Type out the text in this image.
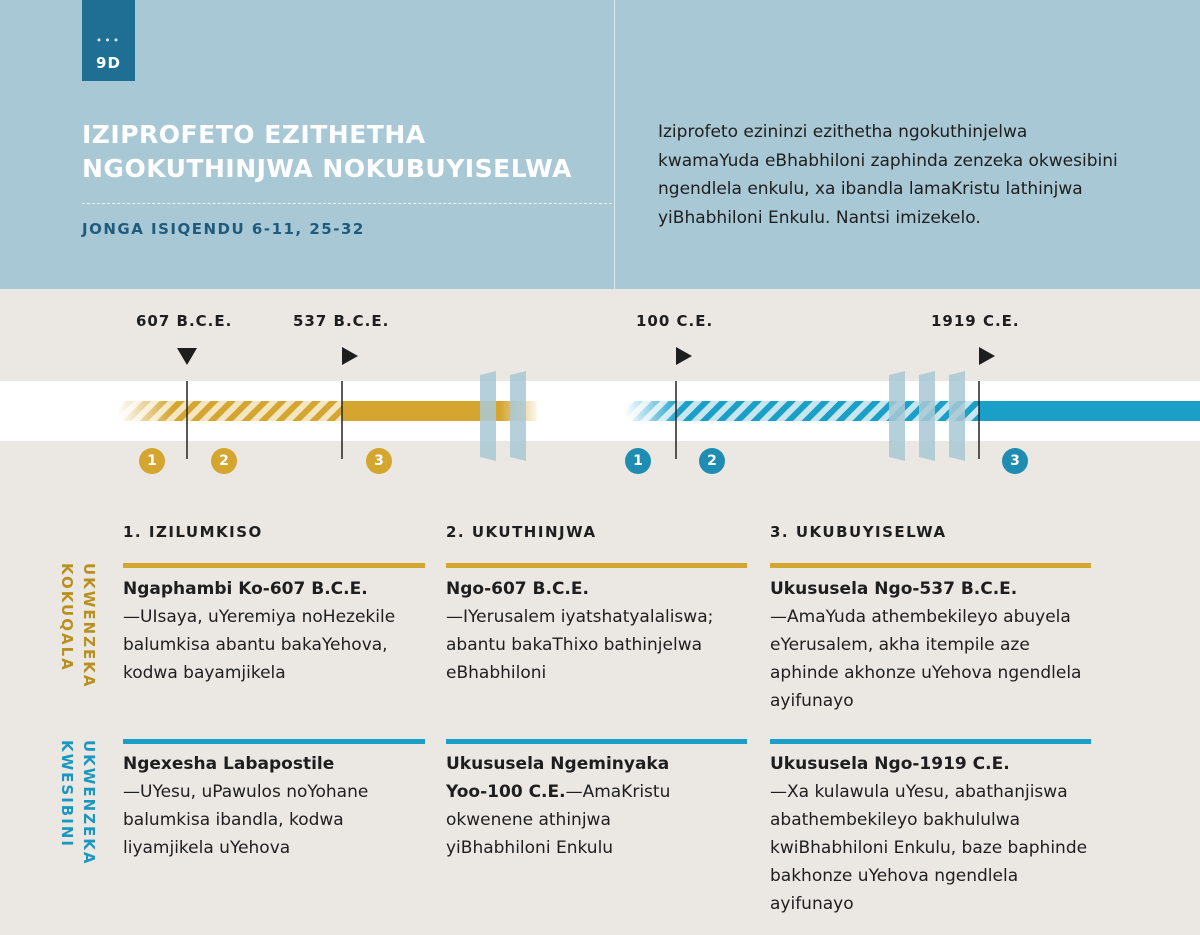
•••
9D
IZIPROFETO EZITHETHA
NGOKUTHINJWA NOKUBUYISELWA
JONGA ISIQENDU 6-11, 25-32
Iziprofeto ezininzi ezithetha ngokuthinjelwa kwamaYuda eBhabhiloni zaphinda zenzeka okwesibini ngendlela enkulu, xa ibandla lamaKristu lathinjwa yiBhabhiloni Enkulu. Nantsi imizekelo.
607 B.C.E.	537 B.C.E.	100 C.E.	1919 C.E.
1	2	3	1	2	3
1. IZILUMKISO	2. UKUTHINJWA	3. UKUBUYISELWA
UKWENZEKA
KOKUQALA
UKWENZEKA
KWESIBINI
Ngaphambi Ko-607 B.C.E.
—UIsaya, uYeremiya noHezekile balumkisa abantu bakaYehova, kodwa bayamjikela
Ngo-607 B.C.E.
—IYerusalem iyatshatyalaliswa; abantu bakaThixo bathinjelwa eBhabhiloni
Ukususela Ngo-537 B.C.E.
—AmaYuda athembekileyo abuyela eYerusalem, akha itempile aze aphinde akhonze uYehova ngendlela ayifunayo
Ngexesha Labapostile
—UYesu, uPawulos noYohane balumkisa ibandla, kodwa liyamjikela uYehova
Ukususela Ngeminyaka Yoo-100 C.E.—AmaKristu okwenene athinjwa yiBhabhiloni Enkulu
Ukususela Ngo-1919 C.E.
—Xa kulawula uYesu, abathanjiswa abathembekileyo bakhululwa kwiBhabhiloni Enkulu, baze baphinde bakhonze uYehova ngendlela ayifunayo
